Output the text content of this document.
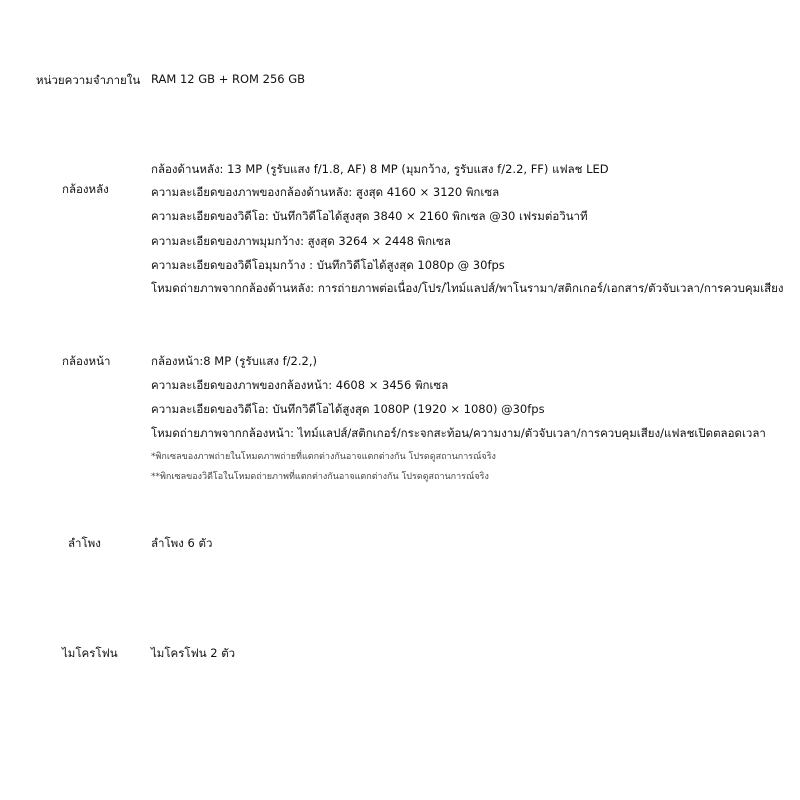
หน่วยความจำภายใน RAM 12 GB + ROM 256 GB
กล้องหลัง
กล้องด้านหลัง: 13 MP (รูรับแสง f/1.8, AF) 8 MP (มุมกว้าง, รูรับแสง f/2.2, FF) แฟลช LED
ความละเอียดของภาพของกล้องด้านหลัง: สูงสุด 4160 × 3120 พิกเซล
ความละเอียดของวิดีโอ: บันทึกวิดีโอได้สูงสุด 3840 × 2160 พิกเซล @30 เฟรมต่อวินาที
ความละเอียดของภาพมุมกว้าง: สูงสุด 3264 × 2448 พิกเซล
ความละเอียดของวิดีโอมุมกว้าง : บันทึกวิดีโอได้สูงสุด 1080p @ 30fps
โหมดถ่ายภาพจากกล้องด้านหลัง: การถ่ายภาพต่อเนื่อง/โปร/ไทม์แลปส์/พาโนรามา/สติกเกอร์/เอกสาร/ตัวจับเวลา/การควบคุมเสียง
กล้องหน้า	กล้องหน้า:8 MP (รูรับแสง f/2.2,)
ความละเอียดของภาพของกล้องหน้า: 4608 × 3456 พิกเซล
ความละเอียดของวิดีโอ: บันทึกวิดีโอได้สูงสุด 1080P (1920 × 1080) @30fps
โหมดถ่ายภาพจากกล้องหน้า: ไทม์แลปส์/สติกเกอร์/กระจกสะท้อน/ความงาม/ตัวจับเวลา/การควบคุมเสียง/แฟลชเปิดตลอดเวลา
*พิกเซลของภาพถ่ายในโหมดภาพถ่ายที่แตกต่างกันอาจแตกต่างกัน โปรดดูสถานการณ์จริง
**พิกเซลของวิดีโอในโหมดถ่ายภาพที่แตกต่างกันอาจแตกต่างกัน โปรดดูสถานการณ์จริง
ลำโพง	ลำโพง 6 ตัว
ไมโครโฟน	ไมโครโฟน 2 ตัว
